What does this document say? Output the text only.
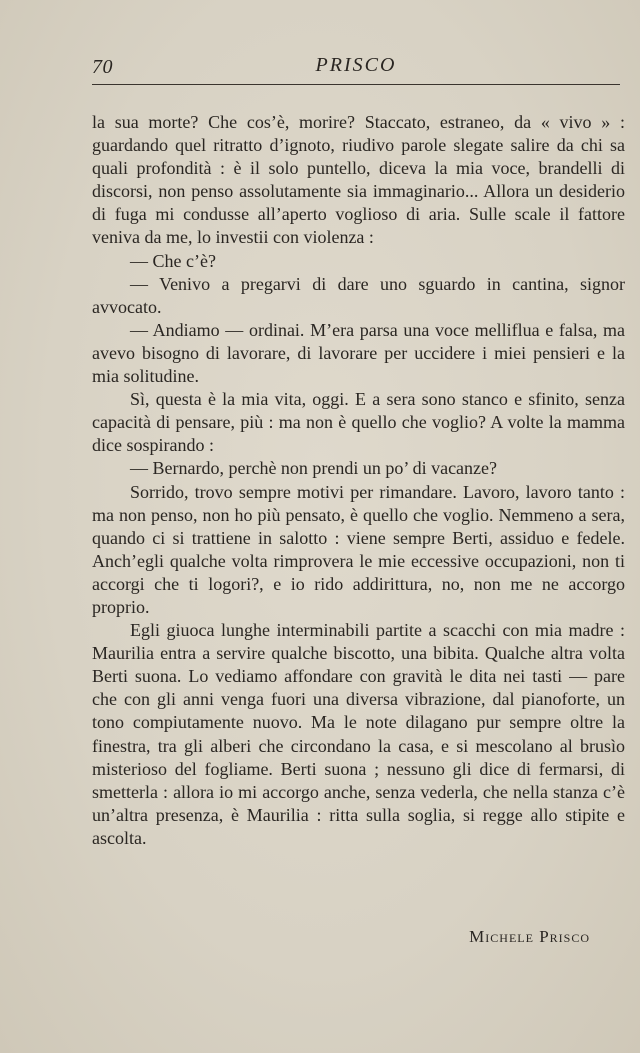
70	PRISCO

la sua morte? Che cos’è, morire? Staccato, estraneo, da « vivo » : guardando quel ritratto d’ignoto, riudivo parole slegate salire da chi sa quali profondità : è il solo puntello, diceva la mia voce, brandelli di discorsi, non penso assolutamente sia immaginario... Allora un desiderio di fuga mi condusse all’aperto voglioso di aria. Sulle scale il fattore veniva da me, lo investii con violenza :

— Che c’è?

— Venivo a pregarvi di dare uno sguardo in cantina, signor avvocato.

— Andiamo — ordinai. M’era parsa una voce melliflua e falsa, ma avevo bisogno di lavorare, di lavorare per uccidere i miei pensieri e la mia solitudine.

Sì, questa è la mia vita, oggi. E a sera sono stanco e sfinito, senza capacità di pensare, più : ma non è quello che voglio? A volte la mamma dice sospirando :

— Bernardo, perchè non prendi un po’ di vacanze?

Sorrido, trovo sempre motivi per rimandare. Lavoro, lavoro tanto : ma non penso, non ho più pensato, è quello che voglio. Nemmeno a sera, quando ci si trattiene in salotto : viene sempre Berti, assiduo e fedele. Anch’egli qualche volta rimprovera le mie eccessive occupazioni, non ti accorgi che ti logori?, e io rido addirittura, no, non me ne accorgo proprio.

Egli giuoca lunghe interminabili partite a scacchi con mia madre : Maurilia entra a servire qualche biscotto, una bibita. Qualche altra volta Berti suona. Lo vediamo affondare con gravità le dita nei tasti — pare che con gli anni venga fuori una diversa vibrazione, dal pianoforte, un tono compiutamente nuovo. Ma le note dilagano pur sempre oltre la finestra, tra gli alberi che circondano la casa, e si mescolano al brusìo misterioso del fogliame. Berti suona ; nessuno gli dice di fermarsi, di smetterla : allora io mi accorgo anche, senza vederla, che nella stanza c’è un’altra presenza, è Maurilia : ritta sulla soglia, si regge allo stipite e ascolta.

Michele Prisco
